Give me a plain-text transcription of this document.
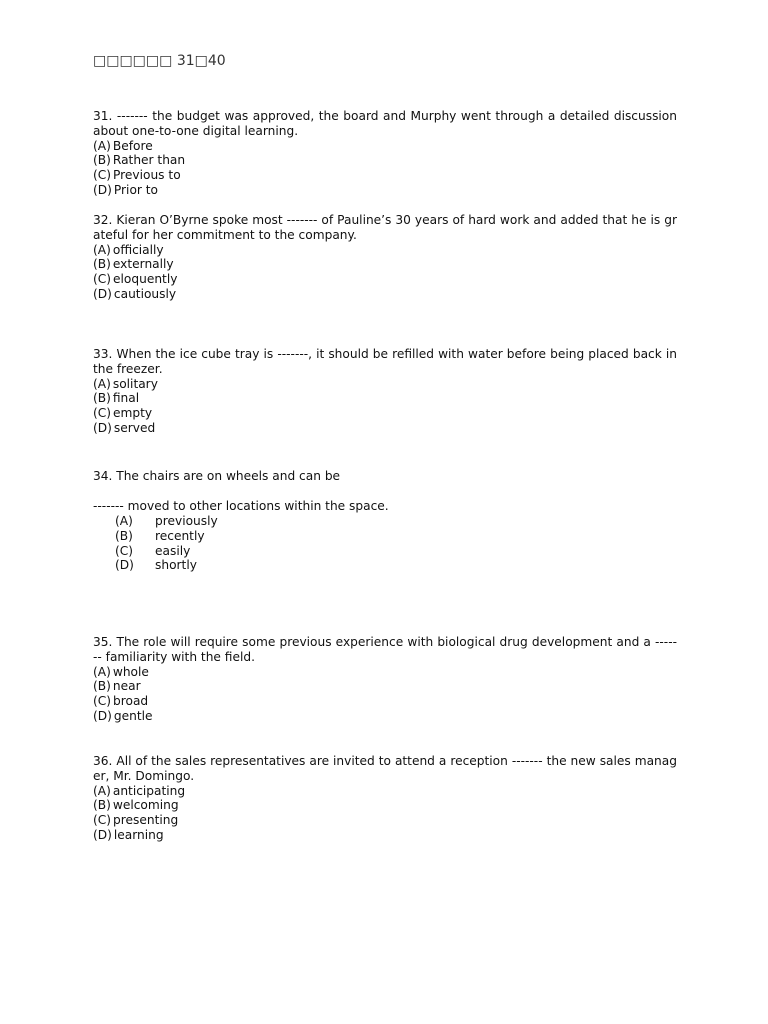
□□□□□□ 31□40

31. ------- the budget was approved, the board and Murphy went through a detailed discussion about one-to-one digital learning.

(A) Before
(B) Rather than
(C) Previous to
(D) Prior to

32. Kieran O’Byrne spoke most ------- of Pauline’s 30 years of hard work and added that he is grateful for her commitment to the company.

(A) officially
(B) externally
(C) eloquently
(D) cautiously

33. When the ice cube tray is -------, it should be refilled with water before being placed back in the freezer.

(A) solitary
(B) final
(C) empty
(D) served

34. The chairs are on wheels and can be

------- moved to other locations within the space.

(A) previously
(B) recently
(C) easily
(D) shortly

35. The role will require some previous experience with biological drug development and a ------- familiarity with the field.

(A) whole
(B) near
(C) broad
(D) gentle

36. All of the sales representatives are invited to attend a reception ------- the new sales manager, Mr. Domingo.

(A) anticipating
(B) welcoming
(C) presenting
(D) learning
